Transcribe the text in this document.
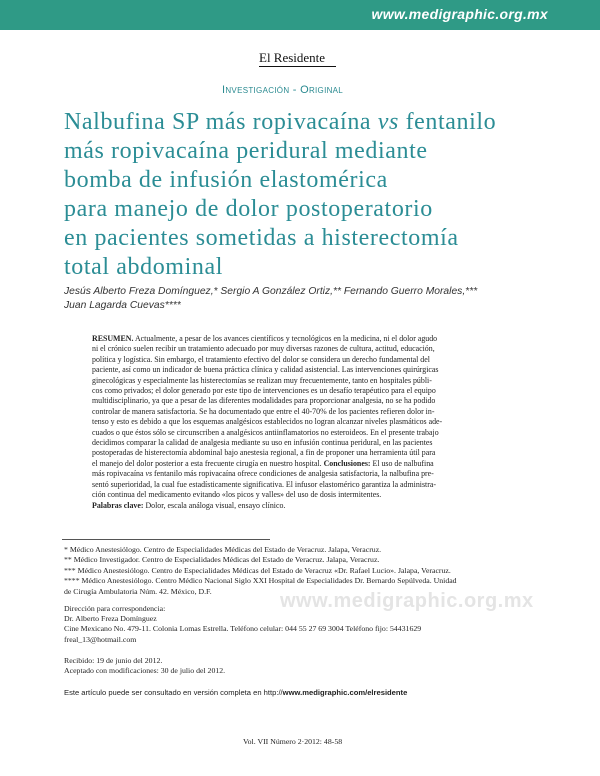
www.medigraphic.org.mx
El Residente
Investigación - Original
Nalbufina SP más ropivacaína vs fentanilo
más ropivacaína peridural mediante
bomba de infusión elastomérica
para manejo de dolor postoperatorio
en pacientes sometidas a histerectomía
total abdominal
Jesús Alberto Freza Domínguez,* Sergio A González Ortiz,** Fernando Guerro Morales,***
Juan Lagarda Cuevas****
RESUMEN. Actualmente, a pesar de los avances científicos y tecnológicos en la medicina, ni el dolor agudo
ni el crónico suelen recibir un tratamiento adecuado por muy diversas razones de cultura, actitud, educación,
política y logística. Sin embargo, el tratamiento efectivo del dolor se considera un derecho fundamental del
paciente, así como un indicador de buena práctica clínica y calidad asistencial. Las intervenciones quirúrgicas
ginecológicas y especialmente las histerectomías se realizan muy frecuentemente, tanto en hospitales públi-
cos como privados; el dolor generado por este tipo de intervenciones es un desafío terapéutico para el equipo
multidisciplinario, ya que a pesar de las diferentes modalidades para proporcionar analgesia, no se ha podido
controlar de manera satisfactoria. Se ha documentado que entre el 40-70% de los pacientes refieren dolor in-
tenso y esto es debido a que los esquemas analgésicos establecidos no logran alcanzar niveles plasmáticos ade-
cuados o que éstos sólo se circunscriben a analgésicos antiinflamatorios no esteroideos. En el presente trabajo
decidimos comparar la calidad de analgesia mediante su uso en infusión continua peridural, en las pacientes
postoperadas de histerectomía abdominal bajo anestesia regional, a fin de proponer una herramienta útil para
el manejo del dolor posterior a esta frecuente cirugía en nuestro hospital. Conclusiones: El uso de nalbufina
más ropivacaína vs fentanilo más ropivacaína ofrece condiciones de analgesia satisfactoria, la nalbufina pre-
sentó superioridad, la cual fue estadísticamente significativa. El infusor elastomérico garantiza la administra-
ción continua del medicamento evitando «los picos y valles» del uso de dosis intermitentes.
Palabras clave: Dolor, escala análoga visual, ensayo clínico.
* Médico Anestesiólogo. Centro de Especialidades Médicas del Estado de Veracruz. Jalapa, Veracruz.
** Médico Investigador. Centro de Especialidades Médicas del Estado de Veracruz. Jalapa, Veracruz.
*** Médico Anestesiólogo. Centro de Especialidades Médicas del Estado de Veracruz «Dr. Rafael Lucio». Jalapa, Veracruz.
**** Médico Anestesiólogo. Centro Médico Nacional Siglo XXI Hospital de Especialidades Dr. Bernardo Sepúlveda. Unidad
de Cirugía Ambulatoria Núm. 42. México, D.F.	www.medigraphic.org.mx
Dirección para correspondencia:
Dr. Alberto Freza Domínguez
Cine Mexicano No. 479-11. Colonia Lomas Estrella. Teléfono celular: 044 55 27 69 3004 Teléfono fijo: 54431629
freal_13@hotmail.com
Recibido: 19 de junio del 2012.
Aceptado con modificaciones: 30 de julio del 2012.
Este artículo puede ser consultado en versión completa en http://www.medigraphic.com/elresidente
Vol. VII Número 2·2012: 48-58
